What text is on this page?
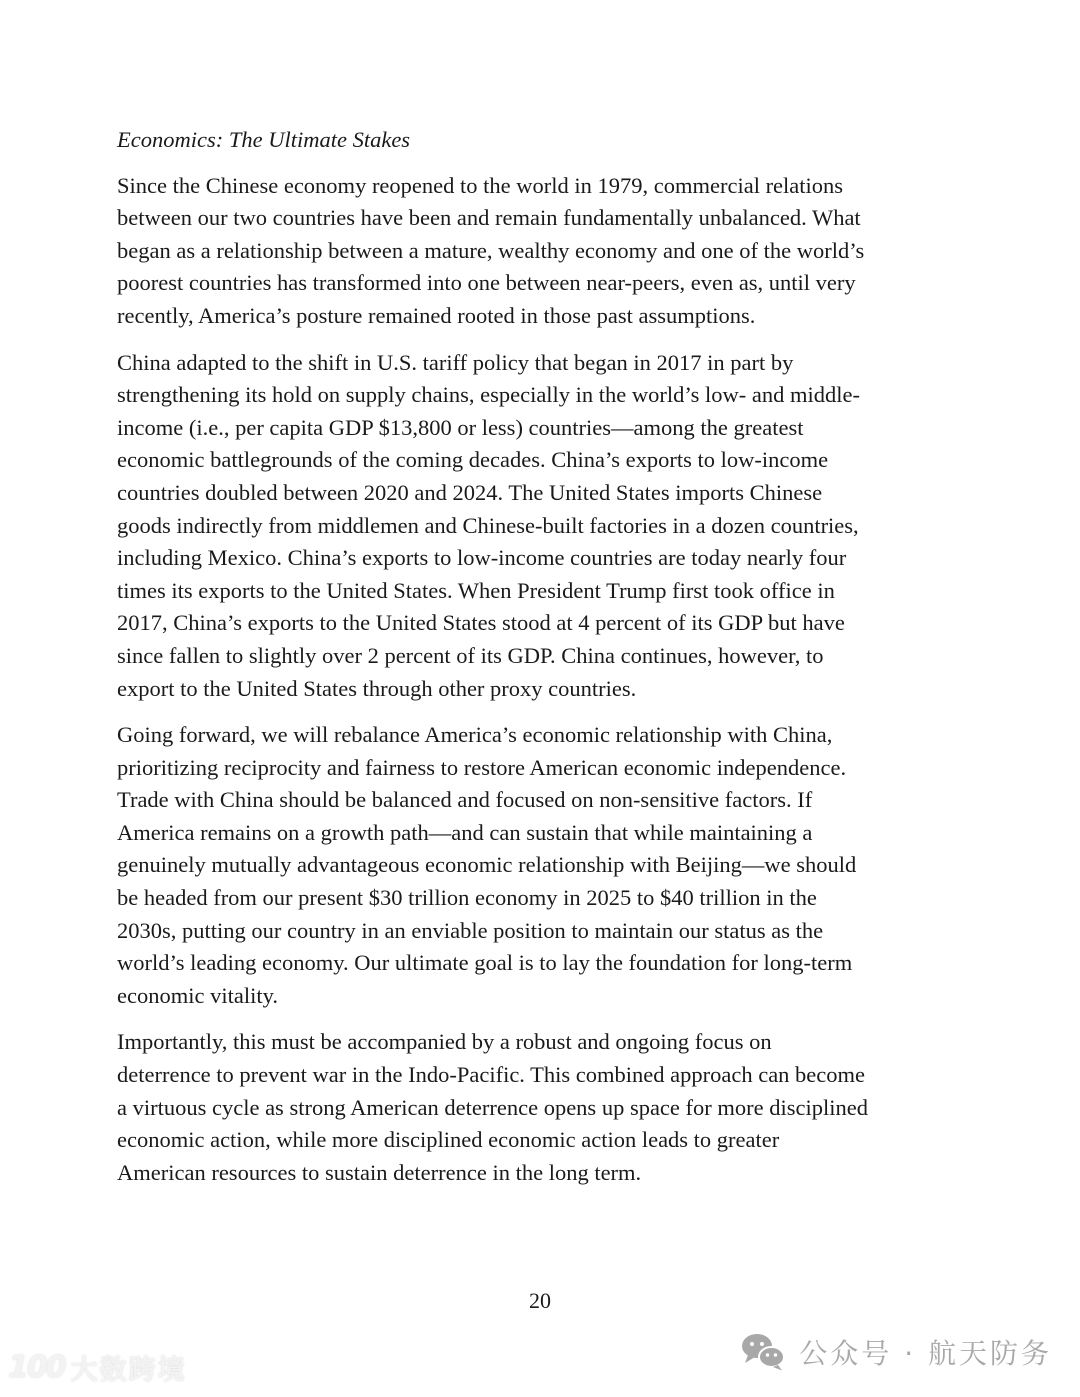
Economics: The Ultimate Stakes

Since the Chinese economy reopened to the world in 1979, commercial relations
between our two countries have been and remain fundamentally unbalanced. What
began as a relationship between a mature, wealthy economy and one of the world’s
poorest countries has transformed into one between near-peers, even as, until very
recently, America’s posture remained rooted in those past assumptions.

China adapted to the shift in U.S. tariff policy that began in 2017 in part by
strengthening its hold on supply chains, especially in the world’s low- and middle-
income (i.e., per capita GDP $13,800 or less) countries—among the greatest
economic battlegrounds of the coming decades. China’s exports to low-income
countries doubled between 2020 and 2024. The United States imports Chinese
goods indirectly from middlemen and Chinese-built factories in a dozen countries,
including Mexico. China’s exports to low-income countries are today nearly four
times its exports to the United States. When President Trump first took office in
2017, China’s exports to the United States stood at 4 percent of its GDP but have
since fallen to slightly over 2 percent of its GDP. China continues, however, to
export to the United States through other proxy countries.

Going forward, we will rebalance America’s economic relationship with China,
prioritizing reciprocity and fairness to restore American economic independence.
Trade with China should be balanced and focused on non-sensitive factors. If
America remains on a growth path—and can sustain that while maintaining a
genuinely mutually advantageous economic relationship with Beijing—we should
be headed from our present $30 trillion economy in 2025 to $40 trillion in the
2030s, putting our country in an enviable position to maintain our status as the
world’s leading economy. Our ultimate goal is to lay the foundation for long-term
economic vitality.

Importantly, this must be accompanied by a robust and ongoing focus on
deterrence to prevent war in the Indo-Pacific. This combined approach can become
a virtuous cycle as strong American deterrence opens up space for more disciplined
economic action, while more disciplined economic action leads to greater
American resources to sustain deterrence in the long term.

20
100 大数跨境
公众号 · 航天防务
